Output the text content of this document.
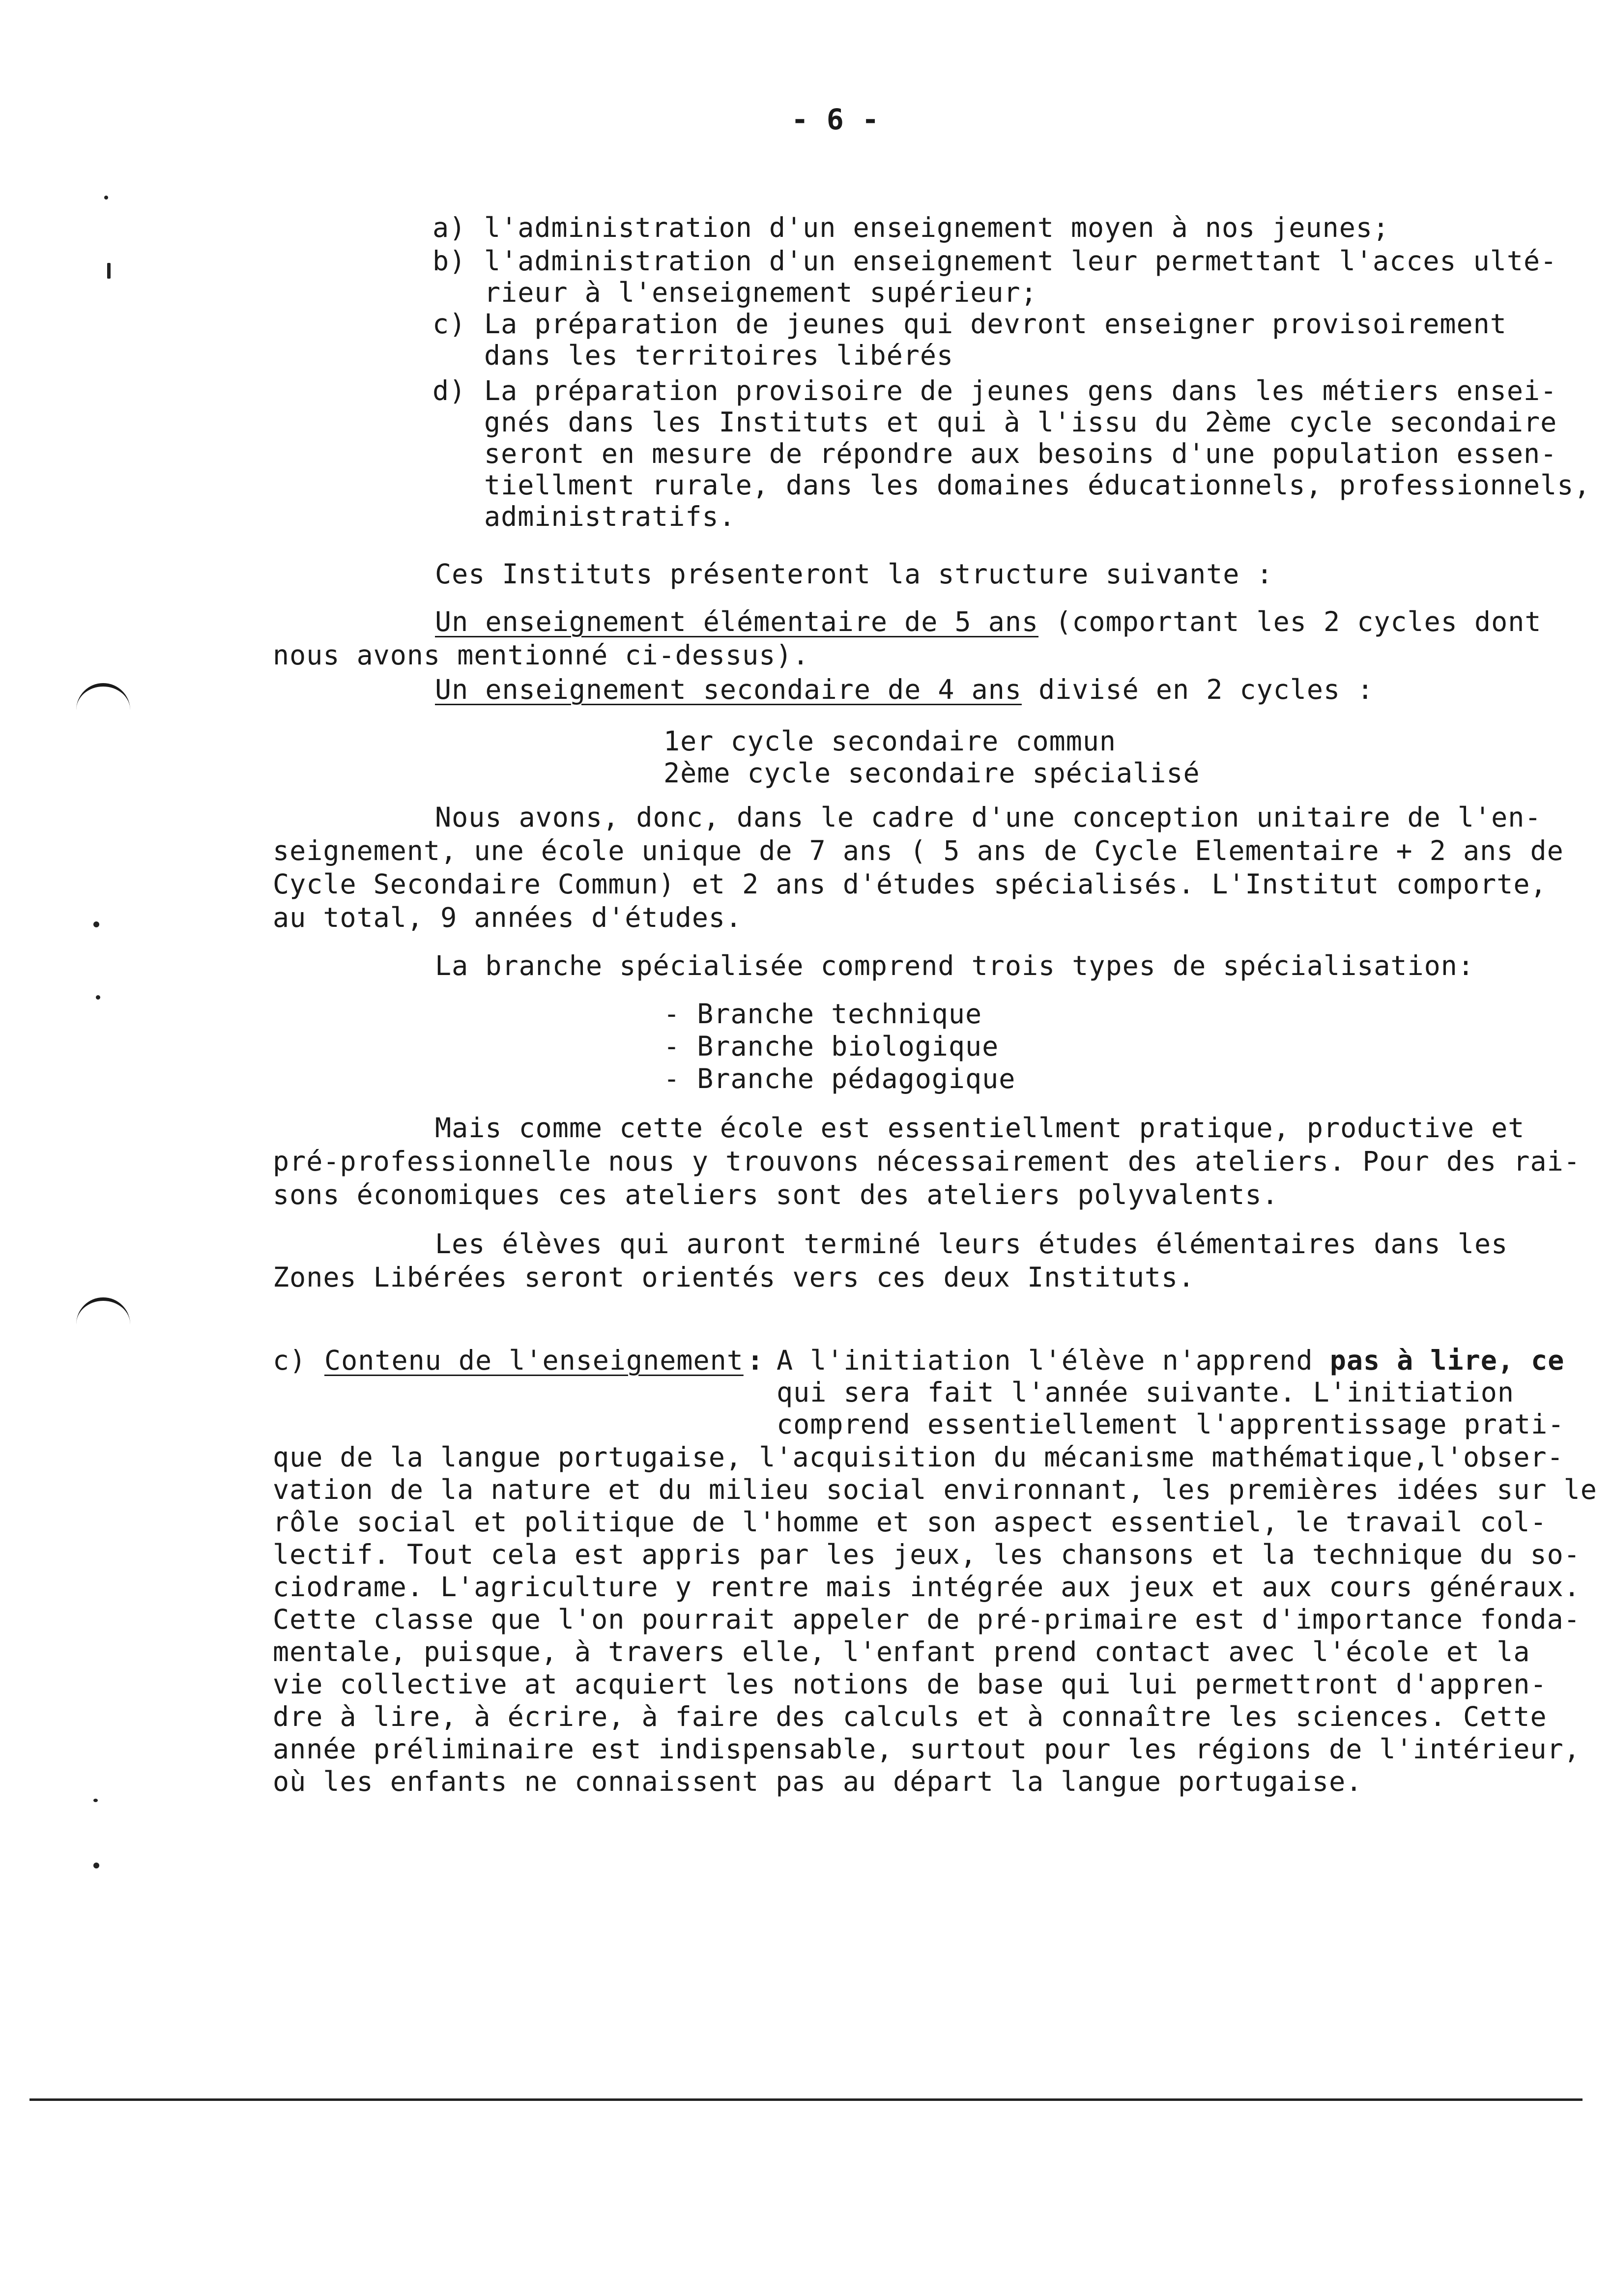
- 6 -
a) l'administration d'un enseignement moyen à nos jeunes;
b) l'administration d'un enseignement leur permettant l'acces ulté-
rieur à l'enseignement supérieur;
c) La préparation de jeunes qui devront enseigner provisoirement
dans les territoires libérés
d) La préparation provisoire de jeunes gens dans les métiers ensei-
gnés dans les Instituts et qui à l'issu du 2ème cycle secondaire
seront en mesure de répondre aux besoins d'une population essen-
tiellment rurale, dans les domaines éducationnels, professionnels,
administratifs.
Ces Instituts présenteront la structure suivante :
Un enseignement élémentaire de 5 ans (comportant les 2 cycles dont
nous avons mentionné ci-dessus).
Un enseignement secondaire de 4 ans divisé en 2 cycles :
1er cycle secondaire commun
2ème cycle secondaire spécialisé
Nous avons, donc, dans le cadre d'une conception unitaire de l'en-
seignement, une école unique de 7 ans ( 5 ans de Cycle Elementaire + 2 ans de
Cycle Secondaire Commun) et 2 ans d'études spécialisés. L'Institut comporte,
au total, 9 années d'études.
La branche spécialisée comprend trois types de spécialisation:
- Branche technique
- Branche biologique
- Branche pédagogique
Mais comme cette école est essentiellment pratique, productive et
pré-professionnelle nous y trouvons nécessairement des ateliers. Pour des rai-
sons économiques ces ateliers sont des ateliers polyvalents.
Les élèves qui auront terminé leurs études élémentaires dans les
Zones Libérées seront orientés vers ces deux Instituts.
c) Contenu de l'enseignement : A l'initiation l'élève n'apprend pas à lire, ce
qui sera fait l'année suivante. L'initiation
comprend essentiellement l'apprentissage prati-
que de la langue portugaise, l'acquisition du mécanisme mathématique,l'obser-
vation de la nature et du milieu social environnant, les premières idées sur le
rôle social et politique de l'homme et son aspect essentiel, le travail col-
lectif. Tout cela est appris par les jeux, les chansons et la technique du so-
ciodrame. L'agriculture y rentre mais intégrée aux jeux et aux cours généraux.
Cette classe que l'on pourrait appeler de pré-primaire est d'importance fonda-
mentale, puisque, à travers elle, l'enfant prend contact avec l'école et la
vie collective at acquiert les notions de base qui lui permettront d'appren-
dre à lire, à écrire, à faire des calculs et à connaître les sciences. Cette
année préliminaire est indispensable, surtout pour les régions de l'intérieur,
où les enfants ne connaissent pas au départ la langue portugaise.
